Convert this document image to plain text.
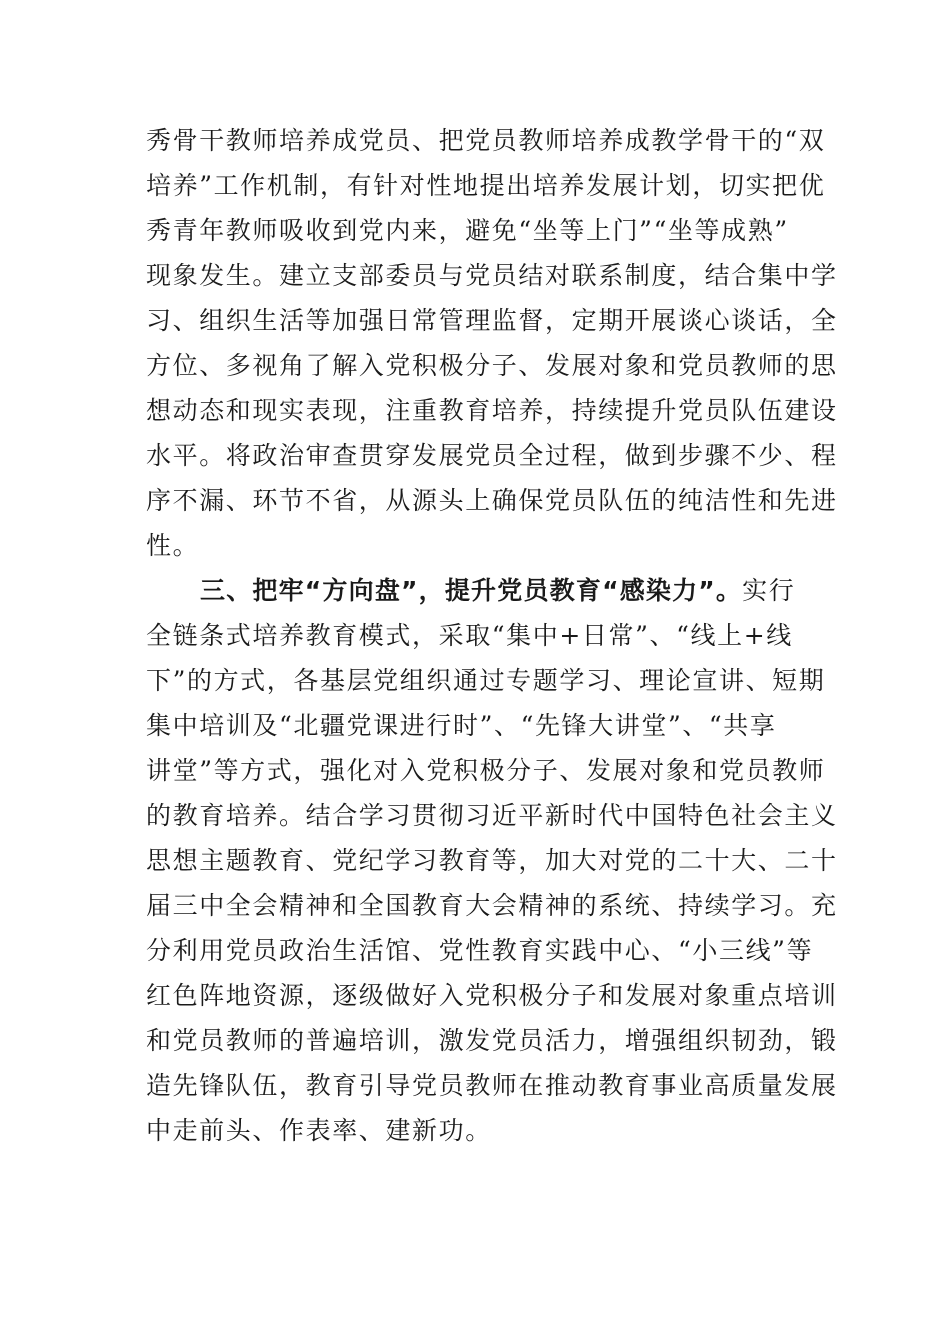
秀骨干教师培养成党员、把党员教师培养成教学骨干的“双
培养”工作机制，有针对性地提出培养发展计划，切实把优
秀青年教师吸收到党内来，避免“坐等上门”“坐等成熟”
现象发生。建立支部委员与党员结对联系制度，结合集中学
习、组织生活等加强日常管理监督，定期开展谈心谈话，全
方位、多视角了解入党积极分子、发展对象和党员教师的思
想动态和现实表现，注重教育培养，持续提升党员队伍建设
水平。将政治审查贯穿发展党员全过程，做到步骤不少、程
序不漏、环节不省，从源头上确保党员队伍的纯洁性和先进
性。
三、把牢“方向盘”，提升党员教育“感染力”。实行
全链条式培养教育模式，采取“集中+日常”、“线上+线
下”的方式，各基层党组织通过专题学习、理论宣讲、短期
集中培训及“北疆党课进行时”、“先锋大讲堂”、“共享
讲堂”等方式，强化对入党积极分子、发展对象和党员教师
的教育培养。结合学习贯彻习近平新时代中国特色社会主义
思想主题教育、党纪学习教育等，加大对党的二十大、二十
届三中全会精神和全国教育大会精神的系统、持续学习。充
分利用党员政治生活馆、党性教育实践中心、“小三线”等
红色阵地资源，逐级做好入党积极分子和发展对象重点培训
和党员教师的普遍培训，激发党员活力，增强组织韧劲，锻
造先锋队伍，教育引导党员教师在推动教育事业高质量发展
中走前头、作表率、建新功。
